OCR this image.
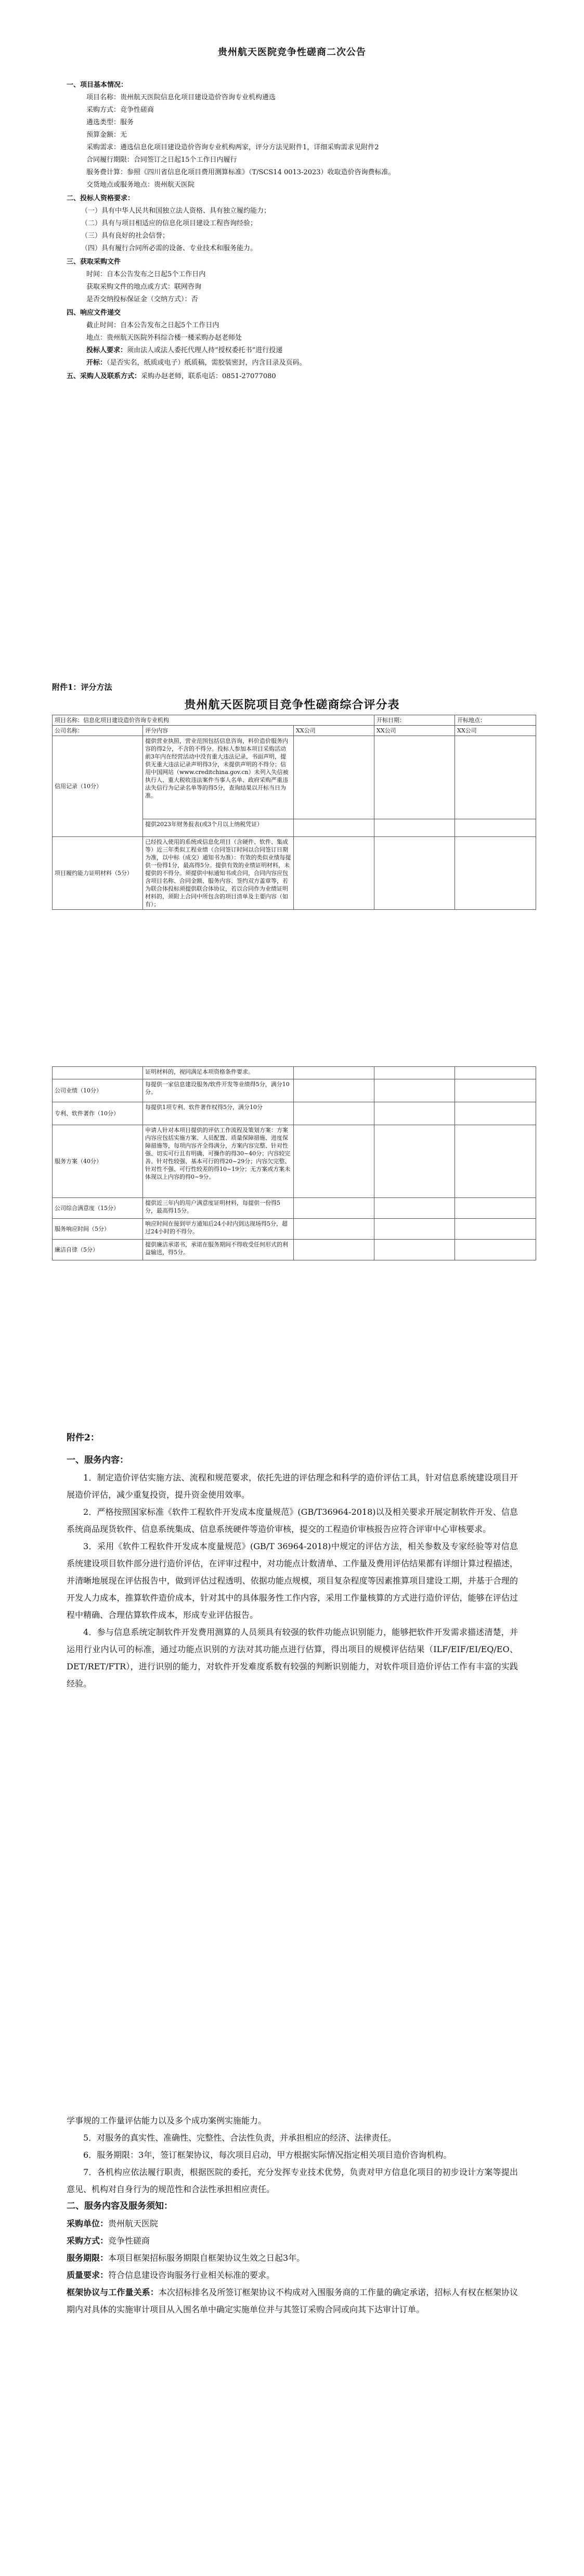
贵州航天医院竞争性磋商二次公告
一、项目基本情况：
项目名称：贵州航天医院信息化项目建设造价咨询专业机构遴选
采购方式：竞争性磋商
遴选类型：服务
预算金额：无
采购需求：遴选信息化项目建设造价咨询专业机构两家，评分方法见附件1，详细采购需求见附件2
合同履行期限：合同签订之日起15个工作日内履行
服务费计算：参照《四川省信息化项目费用测算标准》（T/SCS14 0013-2023）收取造价咨询费标准。
交货地点或服务地点：贵州航天医院
二、投标人资格要求：
（一）具有中华人民共和国独立法人资格、具有独立履约能力；
（二）具有与项目相适应的信息化项目建设工程咨询经验；
（三）具有良好的社会信誉；
（四）具有履行合同所必需的设备、专业技术和服务能力。
三、获取采购文件
时间：自本公告发布之日起5个工作日内
获取采购文件的地点或方式：联网咨询
是否交纳投标保证金（交纳方式）：否
四、响应文件递交
截止时间：自本公告发布之日起5个工作日内
地点：贵州航天医院外科综合楼一楼采购办赵老师处
投标人要求：须由法人或法人委托代理人持“授权委托书”进行投递
开标：（是否实名，纸质或电子）纸质稿，需胶装密封，内含目录及页码。
五、采购人及联系方式：采购办赵老师，联系电话：0851-27077080
附件1：评分方法
贵州航天医院项目竞争性磋商综合评分表
项目名称：信息化项目建设造价咨询专业机构			开标日期：	开标地点：
公司名称：	评分内容	XX公司	XX公司	XX公司
信用记录（10分）	提供营业执照，营业范围包括信息咨询，料价造价服务内容的得2分，不含的不得分。投标人参加本项目采购活动前3年内在经营活动中没有重大违法记录，书面声明，提供无重大违法记录声明得3分，未提供声明的不得分；信用中国网站（www.creditchina.gov.cn）未列入失信被执行人、重大税收违法案件当事人名单、政府采购严重违法失信行为记录名单等的得5分，查询结果以开标当日为准。			
	提供2023年财务报表(或3个月以上纳税凭证）			
项目履约能力证明材料（5分）	已经投入使用的系统或信息化项目（含硬件、软件、集成等）近三年类似工程业绩（合同签订时间以合同签订日期为准，以中标（成交）通知书为准）：有效的类似业绩每提供一份得1分，最高得5分。提供有效的业绩证明材料，未提供的不得分。须提供中标通知书或合同，合同内容应包含项目名称、合同金额、服务内容、签约双方盖章等，若为联合体投标须提供联合体协议，若以合同作为业绩证明材料的，须附上合同中所包含的项目清单及主要内容（如有）；			
	证明材料的，视同满足本项资格条件要求。			
公司业绩（10分）	每提供一家信息建设服务/软件开发等业绩得5分，满分10分。			
专利、软件著作（10分）	每提供1项专利、软件著作权得5分，满分10分			
服务方案（40分）	申请人针对本项目提供的评估工作流程及策划方案：方案内容应包括实施方案、人员配置、质量保障措施、进度保障措施等，每项内容齐全得满分，方案内容完整、针对性强、切实可行且有明确、可操作的得30~40分；内容较完善、针对性较强、基本可行的得20~29分；内容欠完整、针对性不强、可行性较差的得10~19分；无方案或方案未体现以上内容的得0~9分。			
公司综合满意度（15分）	提供近三年内的用户满意度证明材料，每提供一份得5分，最高得15分。			
服务响应时间（5分）	响应时间在接到甲方通知后24小时内到达现场得5分，超过24小时的不得分。			
廉洁自律（5分）	提供廉洁承诺书，承诺在服务期间不得收受任何形式的利益输送，得5分。			
附件2：
一、服务内容：

1．制定造价评估实施方法、流程和规范要求，依托先进的评估理念和科学的造价评估工具，针对信息系统建设项目开展造价评估，减少重复投资，提升资金使用效率。

2．严格按照国家标准《软件工程软件开发成本度量规范》(GB/T36964-2018)以及相关要求开展定制软件开发、信息系统商品现货软件、信息系统集成、信息系统硬件等造价审核，提交的工程造价审核报告应符合评审中心审核要求。

3．采用《软件工程软件开发成本度量规范》(GB/T 36964-2018)中规定的评估方法，相关参数及专家经验等对信息系统建设项目软件部分进行造价评估，在评审过程中，对功能点计数清单、工作量及费用评估结果都有详细计算过程描述，并清晰地展现在评估报告中，做到评估过程透明、依据功能点规模，项目复杂程度等因素推算项目建设工期，并基于合理的开发人力成本，推算软件造价成本，针对其中的具体服务性工作内容，采用工作量核算的方式进行造价评估，能够在评估过程中精确、合理估算软件成本，形成专业评估报告。

4．参与信息系统定制软件开发费用测算的人员须具有较强的软件功能点识别能力，能够把软件开发需求描述清楚，并运用行业内认可的标准，通过功能点识别的方法对其功能点进行估算，得出项目的规模评估结果（ILF/EIF/EI/EQ/EO、DET/RET/FTR），进行识别的能力，对软件开发难度系数有较强的判断识别能力，对软件项目造价评估工作有丰富的实践经验。

学事规的工作量评估能力以及多个成功案例实施能力。

5．对服务的真实性、准确性、完整性、合法性负责，并承担相应的经济、法律责任。

6．服务期限：3年，签订框架协议，每次项目启动，甲方根据实际情况指定相关项目造价咨询机构。

7．各机构应依法履行职责，根据医院的委托，充分发挥专业技术优势，负责对甲方信息化项目的初步设计方案等提出意见、机构对自身行为的规范性和合法性承担相应责任。

二、服务内容及服务须知：
采购单位：贵州航天医院
采购方式：竞争性磋商

服务期限：本项目框架招标服务期限自框架协议生效之日起3年。

质量要求：符合信息建设咨询服务行业相关标准的要求。

框架协议与工作量关系：本次招标排名及所签订框架协议不构成对入围服务商的工作量的确定承诺，招标人有权在框架协议期内对具体的实施审计项目从入围名单中确定实施单位并与其签订采购合同或向其下达审计订单。
